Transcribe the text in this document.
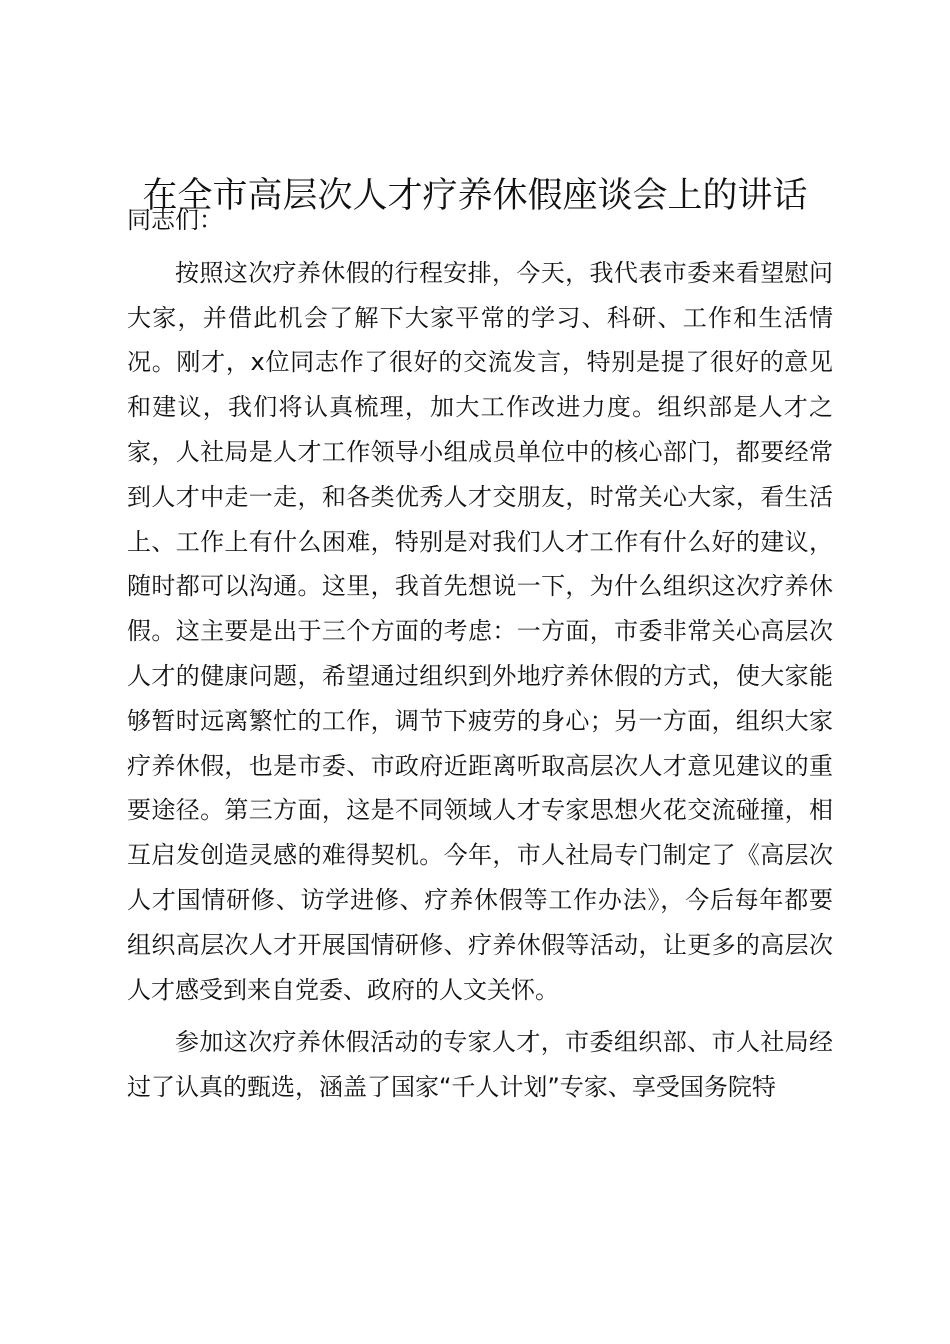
在全市高层次人才疗养休假座谈会上的讲话

同志们：

按照这次疗养休假的行程安排，今天，我代表市委来看望慰问大家，并借此机会了解下大家平常的学习、科研、工作和生活情况。刚才，x位同志作了很好的交流发言，特别是提了很好的意见和建议，我们将认真梳理，加大工作改进力度。组织部是人才之家，人社局是人才工作领导小组成员单位中的核心部门，都要经常到人才中走一走，和各类优秀人才交朋友，时常关心大家，看生活上、工作上有什么困难，特别是对我们人才工作有什么好的建议，随时都可以沟通。这里，我首先想说一下，为什么组织这次疗养休假。这主要是出于三个方面的考虑：一方面，市委非常关心高层次人才的健康问题，希望通过组织到外地疗养休假的方式，使大家能够暂时远离繁忙的工作，调节下疲劳的身心；另一方面，组织大家疗养休假，也是市委、市政府近距离听取高层次人才意见建议的重要途径。第三方面，这是不同领域人才专家思想火花交流碰撞，相互启发创造灵感的难得契机。今年，市人社局专门制定了《高层次人才国情研修、访学进修、疗养休假等工作办法》，今后每年都要组织高层次人才开展国情研修、疗养休假等活动，让更多的高层次人才感受到来自党委、政府的人文关怀。

参加这次疗养休假活动的专家人才，市委组织部、市人社局经过了认真的甄选，涵盖了国家“千人计划”专家、享受国务院特
